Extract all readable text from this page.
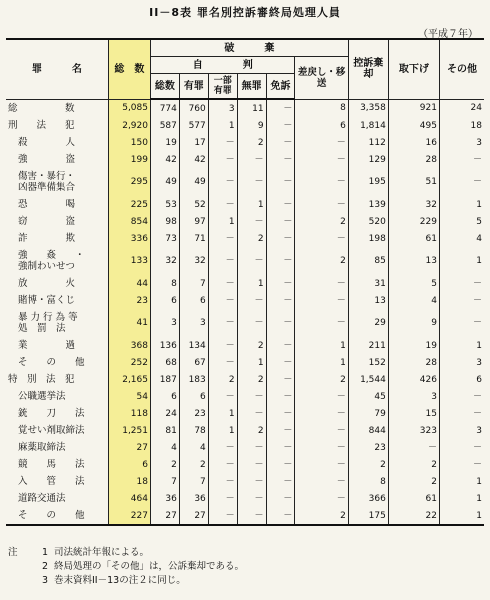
II－8表 罪名別控訴審終局処理人員
（平成７年）
罪　　　名	総　数	破　　　棄						控訴棄却	取下げ	その他
		自　　　　判					差戻し・移送			
		総数	有罪	一部有罪	無罪	免訴				

総　　　　　数	5,085	774	760	3	11	－	8	3,358	921	24

刑　　法　　犯	2,920	587	577	1	9	－	6	1,814	495	18

殺　　　　人	150	19	17	－	2	－	－	112	16	3

強　　　　盗	199	42	42	－	－	－	－	129	28	－

傷害・暴行・
凶器準備集合	295	49	49	－	－	－	－	195	51	－

恐　　　　喝	225	53	52	－	1	－	－	139	32	1

窃　　　　盗	854	98	97	1	－	－	2	520	229	5

詐　　　　欺	336	73	71	－	2	－	－	198	61	4

強　　姦　　・
強制わいせつ	133	32	32	－	－	－	2	85	13	1

放　　　　火	44	8	7	－	1	－	－	31	5	－

賭博・富くじ	23	6	6	－	－	－	－	13	4	－

暴 力 行 為 等
処　罰　法	41	3	3	－	－	－	－	29	9	－

業　　　　過	368	136	134	－	2	－	1	211	19	1

そ　　の　　他	252	68	67	－	1	－	1	152	28	3

特　別　法　犯	2,165	187	183	2	2	－	2	1,544	426	6

公職選挙法	54	6	6	－	－	－	－	45	3	－

銃　　刀　　法	118	24	23	1	－	－	－	79	15	－

覚せい剤取締法	1,251	81	78	1	2	－	－	844	323	3

麻薬取締法	27	4	4	－	－	－	－	23	－	－

競　　馬　　法	6	2	2	－	－	－	－	2	2	－

入　　管　　法	18	7	7	－	－	－	－	8	2	1

道路交通法	464	36	36	－	－	－	－	366	61	1

そ　　の　　他	227	27	27	－	－	－	2	175	22	1
注	1 司法統計年報による。
2 終局処理の「その他」は，公訴棄却である。
3 巻末資料II－13の注２に同じ。
